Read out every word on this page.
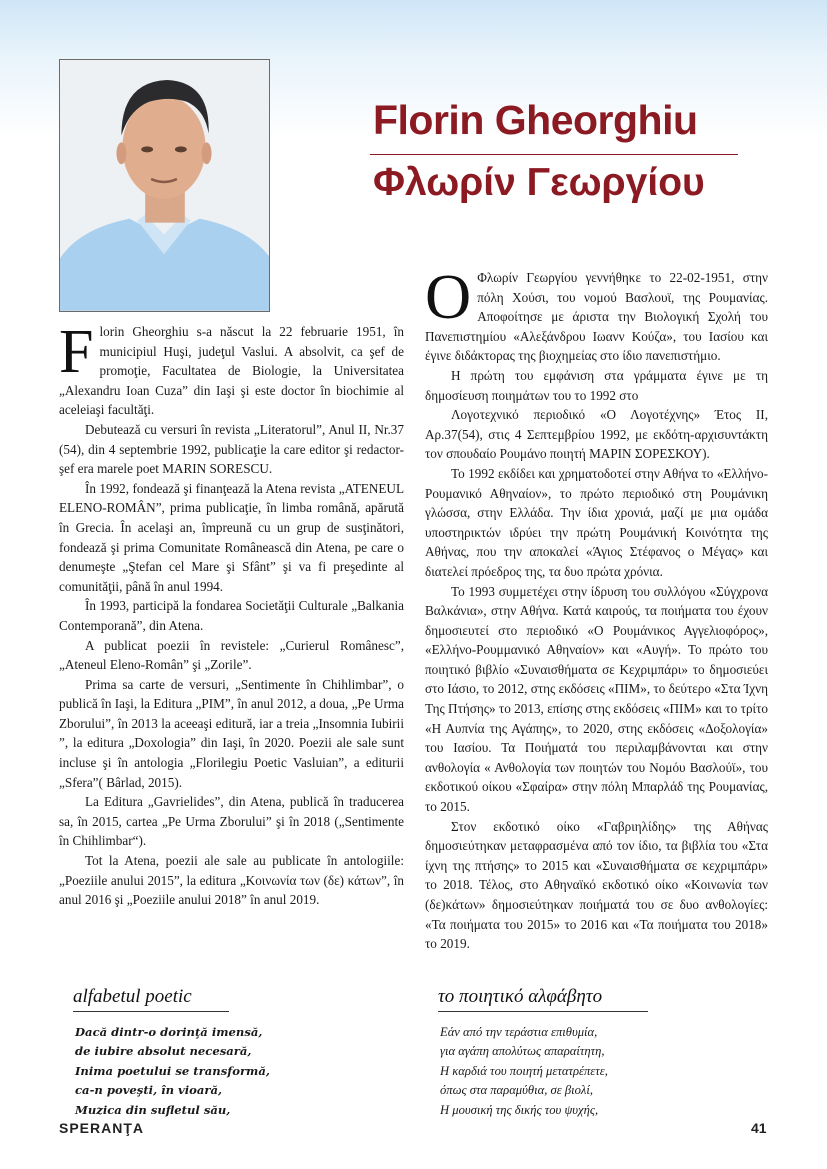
Florin Gheorghiu
Φλωρίν Γεωργίου

Florin Gheorghiu s-a născut la 22 februarie 1951, în municipiul Huşi, judeţul Vaslui. A absolvit, ca şef de promoţie, Facultatea de Biologie, la Universitatea „Alexandru Ioan Cuza” din Iaşi şi este doctor în biochimie al aceleiaşi facultăţi.

Debutează cu versuri în revista „Literatorul”, Anul II, Nr.37 (54), din 4 septembrie 1992, publicaţie la care editor şi redactor-şef era marele poet MARIN SORESCU.

În 1992, fondează şi finanţează la Atena revista „ATENEUL ELENO-ROMÂN”, prima publicaţie, în limba română, apărută în Grecia. În acelaşi an, împreună cu un grup de susţinători, fondează şi prima Comunitate Românească din Atena, pe care o denumeşte „Ştefan cel Mare şi Sfânt” şi va fi preşedinte al comunităţii, până în anul 1994.

În 1993, participă la fondarea Societăţii Culturale „Balkania Contemporană”, din Atena.

A publicat poezii în revistele: „Curierul Românesc”, „Ateneul Eleno-Român” şi „Zorile”.

Prima sa carte de versuri, „Sentimente în Chihlimbar”, o publică în Iaşi, la Editura „PIM”, în anul 2012, a doua, „Pe Urma Zborului”, în 2013 la aceeaşi editură, iar a treia „Insomnia Iubirii ”, la editura „Doxologia” din Iaşi, în 2020. Poezii ale sale sunt incluse şi în antologia „Florilegiu Poetic Vasluian”, a editurii „Sfera”( Bârlad, 2015).

La Editura „Gavrielides”, din Atena, publică în traducerea sa, în 2015, cartea „Pe Urma Zborului” şi în 2018 („Sentimente în Chihlimbar“).

Tot la Atena, poezii ale sale au publicate în antologiile: „Poeziile anului 2015”, la editura „Κοινωνία των (δε) κάτων”, în anul 2016 şi „Poeziile anului 2018” în anul 2019.

Ο Φλωρίν Γεωργίου γεννήθηκε το 22-02-1951, στην πόλη Χούσι, του νομού Βασλουϊ, της Ρουμανίας. Αποφοίτησε με άριστα την Βιολογική Σχολή του Πανεπιστημίου «Αλεξάνδρου Ιωανν Κούζα», του Ιασίου και έγινε διδάκτορας της βιοχημείας στο ίδιο πανεπιστήμιο.

Η πρώτη του εμφάνιση στα γράμματα έγινε με τη δημοσίευση ποιημάτων του το 1992 στο

Λογοτεχνικό περιοδικό «Ο Λογοτέχνης» Έτος II, Αρ.37(54), στις 4 Σεπτεμβρίου 1992, με εκδότη-αρχισυντάκτη τον σπουδαίο Ρουμάνο ποιητή ΜΑΡΙΝ ΣΟΡΕΣΚΟΥ).

Το 1992 εκδίδει και χρηματοδοτεί στην Αθήνα το «Ελλήνο-Ρουμανικό Αθηναίον», το πρώτο περιοδικό στη Ρουμάνικη γλώσσα, στην Ελλάδα. Την ίδια χρονιά, μαζί με μια ομάδα υποστηρικτών ιδρύει την πρώτη Ρουμάνική Κοινότητα της Αθήνας, που την αποκαλεί «Άγιος Στέφανος ο Μέγας» και διατελεί πρόεδρος της, τα δυο πρώτα χρόνια.

Το 1993 συμμετέχει στην ίδρυση του συλλόγου «Σύγχρονα Βαλκάνια», στην Αθήνα. Κατά καιρούς, τα ποιήματα του έχουν δημοσιευτεί στο περιοδικό «Ο Ρουμάνικος Αγγελιοφόρος», «Ελλήνο-Ρουμμανικό Αθηναίον» και «Αυγή». Το πρώτο του ποιητικό βιβλίο «Συναισθήματα σε Κεχριμπάρι» το δημοσιεύει στο Ιάσιο, το 2012, στης εκδόσεις «ΠΙΜ», το δεύτερο «Στα Ίχνη Της Πτήσης» το 2013, επίσης στης εκδόσεις «ΠΙΜ» και το τρίτο «Η Αυπνία της Αγάπης», το 2020, στης εκδόσεις «Δοξολογία» του Ιασίου. Τα Ποιήματά του περιλαμβάνονται και στην ανθολογία « Ανθολογία των ποιητών του Νομόυ Βασλούϊ», του εκδοτικού οίκου «Σφαίρα» στην πόλη Μπαρλάδ της Ρουμανίας, το 2015.

Στον εκδοτικό οίκο «Γαβριηλίδης» της Αθήνας δημοσιεύτηκαν μεταφρασμένα από τον ίδιο, τα βιβλία του «Στα ίχνη της πτήσης» το 2015 και «Συναισθήματα σε κεχριμπάρι» το 2018. Τέλος, στο Αθηναϊκό εκδοτικό οίκο «Κοινωνία των (δε)κάτων» δημοσιεύτηκαν ποιήματά του σε δυο ανθολογίες: «Τα ποιήματα του 2015» το 2016 και «Τα ποιήματα του 2018» το 2019.

alfabetul poetic
Dacă dintr-o dorinţă imensă,
de iubire absolut necesară,
Inima poetului se transformă,
ca-n poveşti, în vioară,
Muzica din sufletul său,
το ποιητικό αλφάβητο
Εάν από την τεράστια επιθυμία,
για αγάπη απολύτως απαραίτητη,
Η καρδιά του ποιητή μετατρέπετε,
όπως στα παραμύθια, σε βιολί,
Η μουσική της δικής του ψυχής,
SPERANŢA	41
